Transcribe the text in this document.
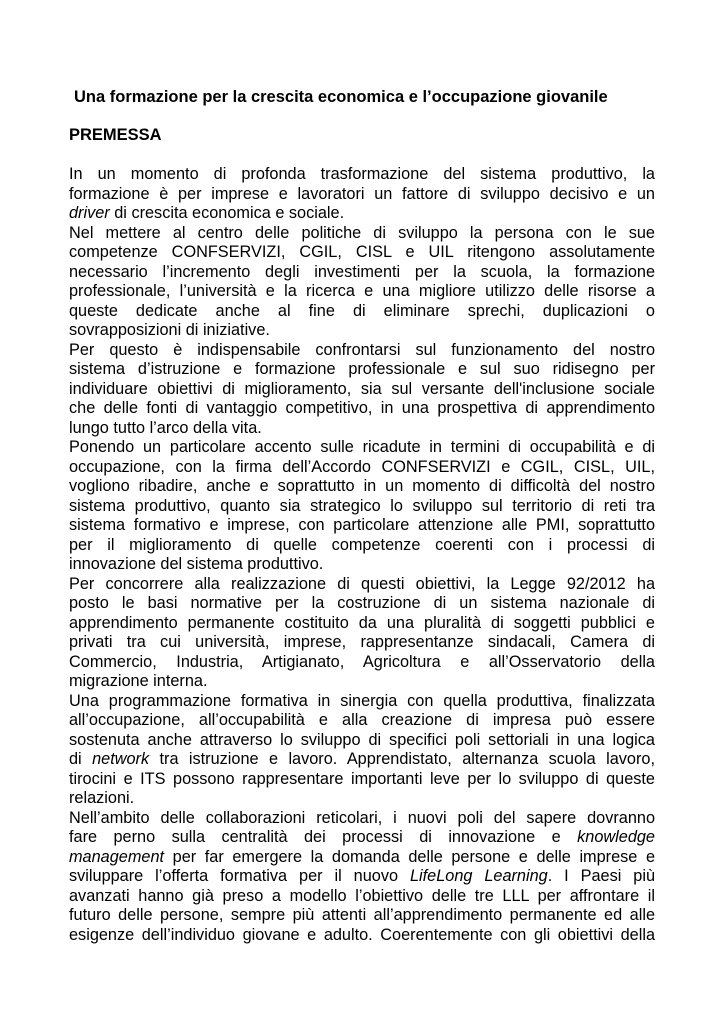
Una formazione per la crescita economica e l’occupazione giovanile
PREMESSA
In un momento di profonda trasformazione del sistema produttivo, la
formazione è per imprese e lavoratori un fattore di sviluppo decisivo e un
driver di crescita economica e sociale.
Nel mettere al centro delle politiche di sviluppo la persona con le sue
competenze CONFSERVIZI, CGIL, CISL e UIL ritengono assolutamente
necessario l’incremento degli investimenti per la scuola, la formazione
professionale, l’università e la ricerca e una migliore utilizzo delle risorse a
queste dedicate anche al fine di eliminare sprechi, duplicazioni o
sovrapposizioni di iniziative.
Per questo è indispensabile confrontarsi sul funzionamento del nostro
sistema d’istruzione e formazione professionale e sul suo ridisegno per
individuare obiettivi di miglioramento, sia sul versante dell'inclusione sociale
che delle fonti di vantaggio competitivo, in una prospettiva di apprendimento
lungo tutto l’arco della vita.
Ponendo un particolare accento sulle ricadute in termini di occupabilità e di
occupazione, con la firma dell’Accordo CONFSERVIZI e CGIL, CISL, UIL,
vogliono ribadire, anche e soprattutto in un momento di difficoltà del nostro
sistema produttivo, quanto sia strategico lo sviluppo sul territorio di reti tra
sistema formativo e imprese, con particolare attenzione alle PMI, soprattutto
per il miglioramento di quelle competenze coerenti con i processi di
innovazione del sistema produttivo.
Per concorrere alla realizzazione di questi obiettivi, la Legge 92/2012 ha
posto le basi normative per la costruzione di un sistema nazionale di
apprendimento permanente costituito da una pluralità di soggetti pubblici e
privati tra cui università, imprese, rappresentanze sindacali, Camera di
Commercio, Industria, Artigianato, Agricoltura e all’Osservatorio della
migrazione interna.
Una programmazione formativa in sinergia con quella produttiva, finalizzata
all’occupazione, all’occupabilità e alla creazione di impresa può essere
sostenuta anche attraverso lo sviluppo di specifici poli settoriali in una logica
di network tra istruzione e lavoro. Apprendistato, alternanza scuola lavoro,
tirocini e ITS possono rappresentare importanti leve per lo sviluppo di queste
relazioni.
Nell’ambito delle collaborazioni reticolari, i nuovi poli del sapere dovranno
fare perno sulla centralità dei processi di innovazione e knowledge
management per far emergere la domanda delle persone e delle imprese e
sviluppare l’offerta formativa per il nuovo LifeLong Learning. I Paesi più
avanzati hanno già preso a modello l’obiettivo delle tre LLL per affrontare il
futuro delle persone, sempre più attenti all’apprendimento permanente ed alle
esigenze dell’individuo giovane e adulto. Coerentemente con gli obiettivi della
